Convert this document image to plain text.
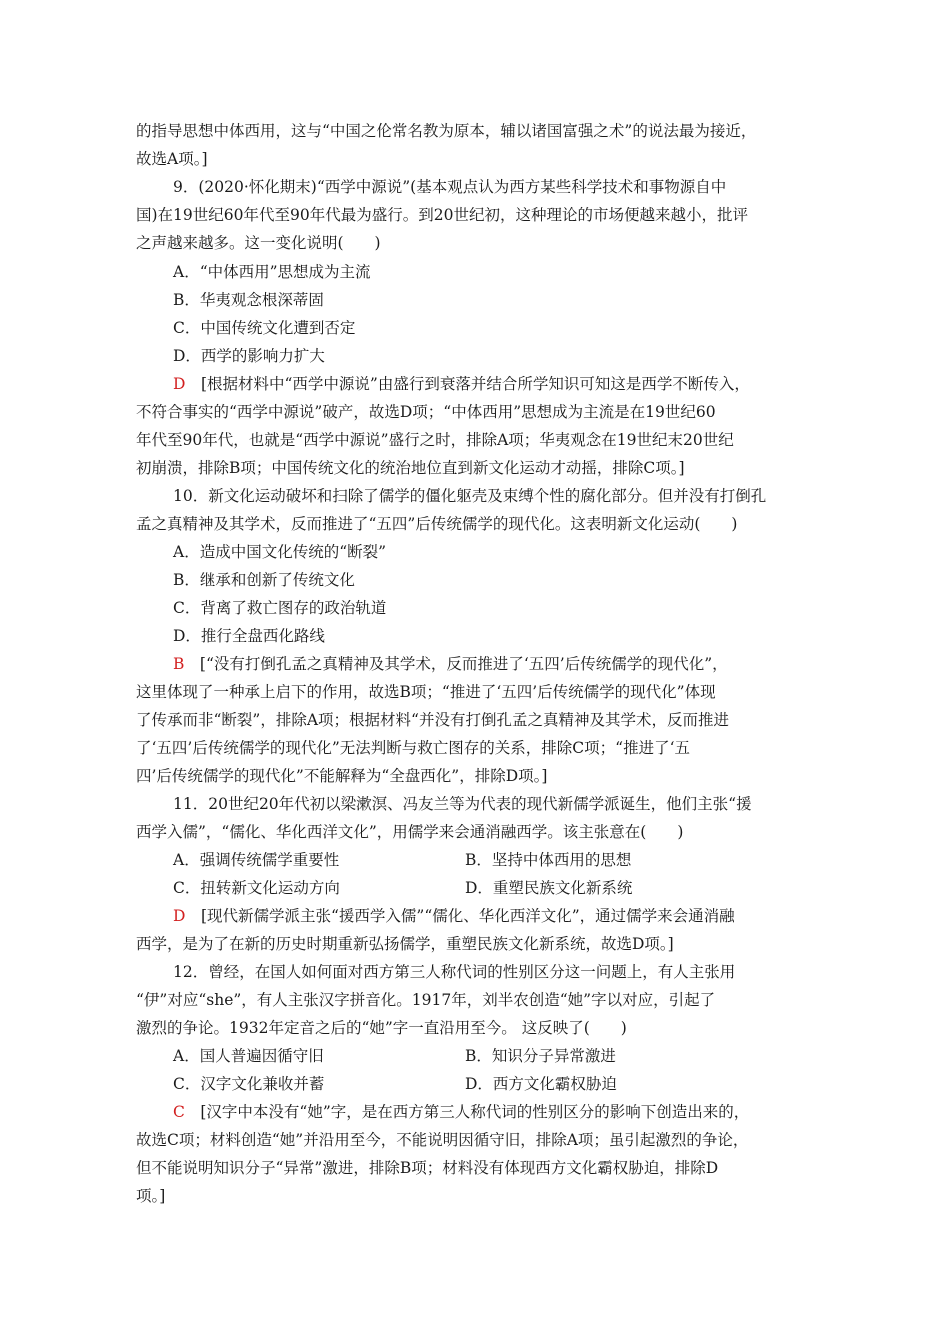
的指导思想中体西用，这与“中国之伦常名教为原本，辅以诸国富强之术”的说法最为接近，
故选A项。]
9．(2020·怀化期末)“西学中源说”(基本观点认为西方某些科学技术和事物源自中
国)在19世纪60年代至90年代最为盛行。到20世纪初，这种理论的市场便越来越小，批评
之声越来越多。这一变化说明(　　)
A．“中体西用”思想成为主流
B．华夷观念根深蒂固
C．中国传统文化遭到否定
D．西学的影响力扩大
D　[根据材料中“西学中源说”由盛行到衰落并结合所学知识可知这是西学不断传入，
不符合事实的“西学中源说”破产，故选D项；“中体西用”思想成为主流是在19世纪60
年代至90年代，也就是“西学中源说”盛行之时，排除A项；华夷观念在19世纪末20世纪
初崩溃，排除B项；中国传统文化的统治地位直到新文化运动才动摇，排除C项。]
10．新文化运动破坏和扫除了儒学的僵化躯壳及束缚个性的腐化部分。但并没有打倒孔
孟之真精神及其学术，反而推进了“五四”后传统儒学的现代化。这表明新文化运动(　　)
A．造成中国文化传统的“断裂”
B．继承和创新了传统文化
C．背离了救亡图存的政治轨道
D．推行全盘西化路线
B　[“没有打倒孔孟之真精神及其学术，反而推进了‘五四’后传统儒学的现代化”，
这里体现了一种承上启下的作用，故选B项；“推进了‘五四’后传统儒学的现代化”体现
了传承而非“断裂”，排除A项；根据材料“并没有打倒孔孟之真精神及其学术，反而推进
了‘五四’后传统儒学的现代化”无法判断与救亡图存的关系，排除C项；“推进了‘五
四’后传统儒学的现代化”不能解释为“全盘西化”，排除D项。]
11．20世纪20年代初以梁漱溟、冯友兰等为代表的现代新儒学派诞生，他们主张“援
西学入儒”，“儒化、华化西洋文化”，用儒学来会通消融西学。该主张意在(　　)
A．强调传统儒学重要性	B．坚持中体西用的思想
C．扭转新文化运动方向	D．重塑民族文化新系统
D　[现代新儒学派主张“援西学入儒”“儒化、华化西洋文化”，通过儒学来会通消融
西学，是为了在新的历史时期重新弘扬儒学，重塑民族文化新系统，故选D项。]
12．曾经，在国人如何面对西方第三人称代词的性别区分这一问题上，有人主张用
“伊”对应“she”，有人主张汉字拼音化。1917年，刘半农创造“她”字以对应，引起了
激烈的争论。1932年定音之后的“她”字一直沿用至今。 这反映了(　　)
A．国人普遍因循守旧	B．知识分子异常激进
C．汉字文化兼收并蓄	D．西方文化霸权胁迫
C　[汉字中本没有“她”字，是在西方第三人称代词的性别区分的影响下创造出来的，
故选C项；材料创造“她”并沿用至今，不能说明因循守旧，排除A项；虽引起激烈的争论，
但不能说明知识分子“异常”激进，排除B项；材料没有体现西方文化霸权胁迫，排除D
项。]
